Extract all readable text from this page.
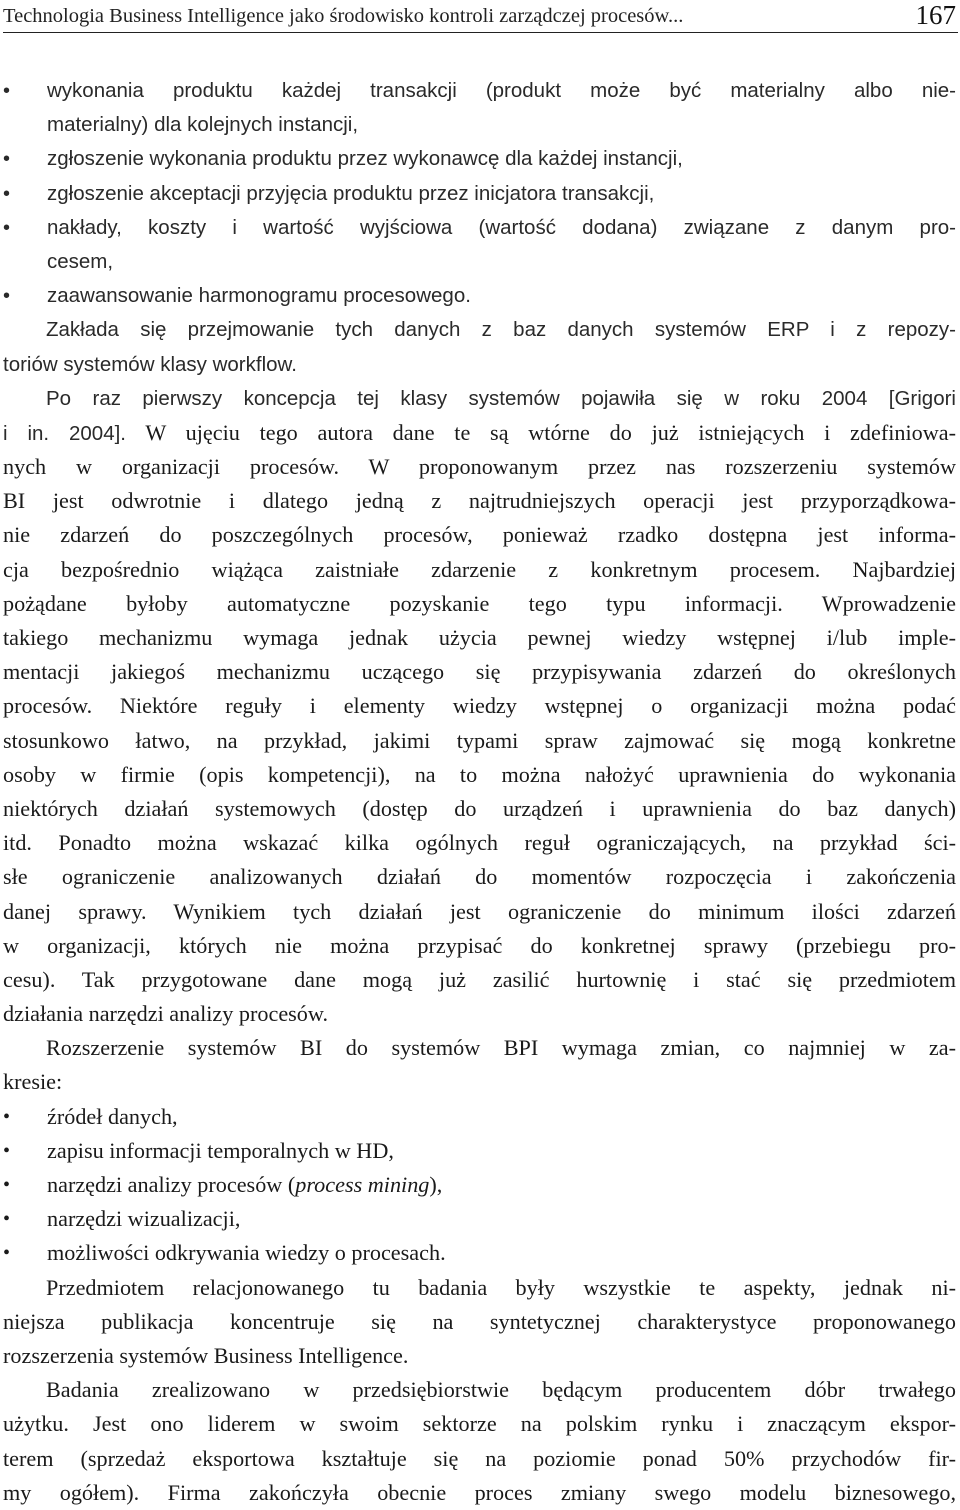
Technologia Business Intelligence jako środowisko kontroli zarządczej procesów...	167
• wykonania produktu każdej transakcji (produkt może być materialny albo nie-
materialny) dla kolejnych instancji,
• zgłoszenie wykonania produktu przez wykonawcę dla każdej instancji,
• zgłoszenie akceptacji przyjęcia produktu przez inicjatora transakcji,
• nakłady, koszty i wartość wyjściowa (wartość dodana) związane z danym pro-
cesem,
• zaawansowanie harmonogramu procesowego.
Zakłada się przejmowanie tych danych z baz danych systemów ERP i z repozy-
toriów systemów klasy workflow.
Po raz pierwszy koncepcja tej klasy systemów pojawiła się w roku 2004 [Grigori
i in. 2004]. W ujęciu tego autora dane te są wtórne do już istniejących i zdefiniowa-
nych w organizacji procesów. W proponowanym przez nas rozszerzeniu systemów
BI jest odwrotnie i dlatego jedną z najtrudniejszych operacji jest przyporządkowa-
nie zdarzeń do poszczególnych procesów, ponieważ rzadko dostępna jest informa-
cja bezpośrednio wiążąca zaistniałe zdarzenie z konkretnym procesem. Najbardziej
pożądane byłoby automatyczne pozyskanie tego typu informacji. Wprowadzenie
takiego mechanizmu wymaga jednak użycia pewnej wiedzy wstępnej i/lub imple-
mentacji jakiegoś mechanizmu uczącego się przypisywania zdarzeń do określonych
procesów. Niektóre reguły i elementy wiedzy wstępnej o organizacji można podać
stosunkowo łatwo, na przykład, jakimi typami spraw zajmować się mogą konkretne
osoby w firmie (opis kompetencji), na to można nałożyć uprawnienia do wykonania
niektórych działań systemowych (dostęp do urządzeń i uprawnienia do baz danych)
itd. Ponadto można wskazać kilka ogólnych reguł ograniczających, na przykład ści-
słe ograniczenie analizowanych działań do momentów rozpoczęcia i zakończenia
danej sprawy. Wynikiem tych działań jest ograniczenie do minimum ilości zdarzeń
w organizacji, których nie można przypisać do konkretnej sprawy (przebiegu pro-
cesu). Tak przygotowane dane mogą już zasilić hurtownię i stać się przedmiotem
działania narzędzi analizy procesów.
Rozszerzenie systemów BI do systemów BPI wymaga zmian, co najmniej w za-
kresie:
• źródeł danych,
• zapisu informacji temporalnych w HD,
• narzędzi analizy procesów (process mining),
• narzędzi wizualizacji,
• możliwości odkrywania wiedzy o procesach.
Przedmiotem relacjonowanego tu badania były wszystkie te aspekty, jednak ni-
niejsza publikacja koncentruje się na syntetycznej charakterystyce proponowanego
rozszerzenia systemów Business Intelligence.
Badania zrealizowano w przedsiębiorstwie będącym producentem dóbr trwałego
użytku. Jest ono liderem w swoim sektorze na polskim rynku i znaczącym ekspor-
terem (sprzedaż eksportowa kształtuje się na poziomie ponad 50% przychodów fir-
my ogółem). Firma zakończyła obecnie proces zmiany swego modelu biznesowego,
